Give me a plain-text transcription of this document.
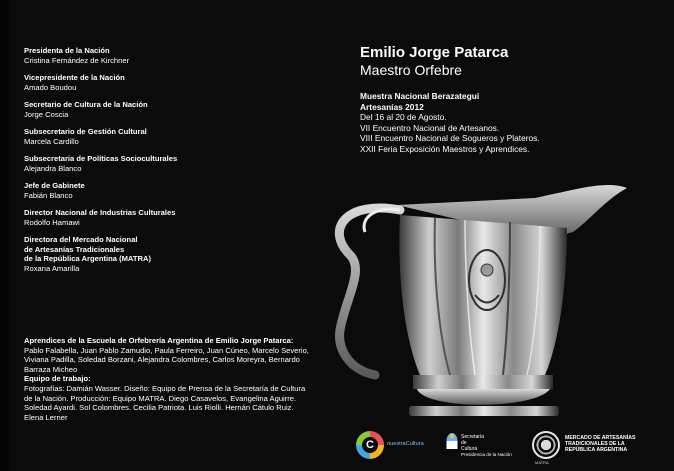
Presidenta de la Nación
Cristina Fernández de Kirchner
Vicepresidente de la Nación
Amado Boudou
Secretario de Cultura de la Nación
Jorge Coscia
Subsecretario de Gestión Cultural
Marcela Cardillo
Subsecretaria de Políticas Socioculturales
Alejandra Blanco
Jefe de Gabinete
Fabián Blanco
Director Nacional de Industrias Culturales
Rodolfo Hamawi
Directora del Mercado Nacional
de Artesanías Tradicionales
de la República Argentina (MATRA)
Roxana Amarilla
Aprendices de la Escuela de Orfebrería Argentina de Emilio Jorge Patarca:
Pablo Falabella, Juan Pablo Zamudio, Paula Ferreiro, Juan Cúneo, Marcelo Severio, Viviana Padilla, Soledad Borzani, Alejandra Colombres, Carlos Moreyra, Bernardo Barraza Micheo
Equipo de trabajo:
Fotografías: Damián Wasser. Diseño: Equipo de Prensa de la Secretaría de Cultura de la Nación. Producción: Equipo MATRA. Diego Casavelos, Evangelina Aguirre. Soledad Ayardi. Sol Colombres. Cecilia Patriota. Luis Riolli. Hernán Cátulo Ruiz. Elena Lerner
Emilio Jorge Patarca
Maestro Orfebre
Muestra Nacional Berazategui
Artesanías 2012
Del 16 al 20 de Agosto.
VII Encuentro Nacional de Artesanos.
VIII Encuentro Nacional de Sogueros y Plateros.
XXII Feria Exposición Maestros y Aprendices.
C	nuestraCultura
Secretaría
de
Cultura
Presidencia de la Nación
MATRA
MERCADO DE ARTESANÍAS
TRADICIONALES DE LA
REPÚBLICA ARGENTINA
